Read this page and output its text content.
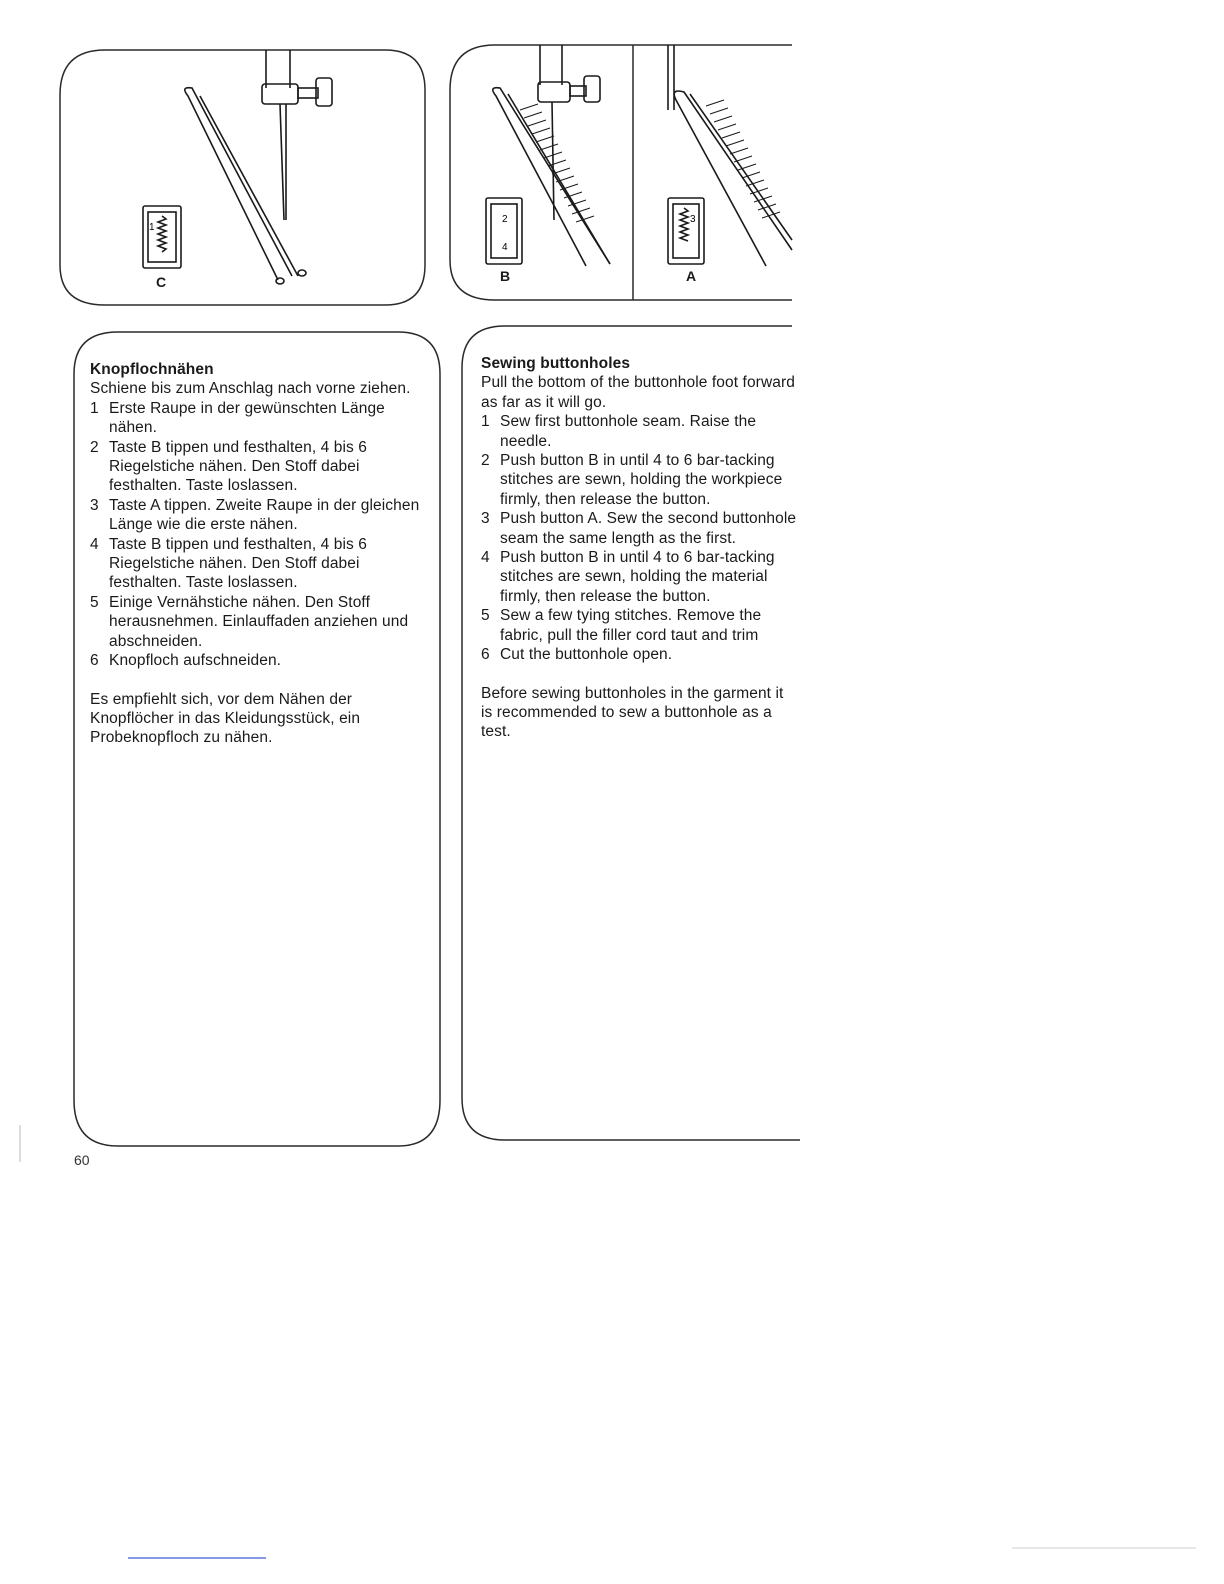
1
2
4
3
C	B	A
Knopflochnähen

Schiene bis zum Anschlag nach vorne ziehen.

1 Erste Raupe in der gewünschten Länge nähen.
2 Taste B tippen und festhalten, 4 bis 6 Riegelstiche nähen. Den Stoff dabei festhalten. Taste loslassen.
3 Taste A tippen. Zweite Raupe in der gleichen Länge wie die erste nähen.
4 Taste B tippen und festhalten, 4 bis 6 Riegelstiche nähen. Den Stoff dabei festhalten. Taste loslassen.
5 Einige Vernähstiche nähen. Den Stoff herausnehmen. Einlauffaden anziehen und abschneiden.
6 Knopfloch aufschneiden.

Es empfiehlt sich, vor dem Nähen der Knopflöcher in das Kleidungsstück, ein Probeknopfloch zu nähen.

Sewing buttonholes

Pull the bottom of the buttonhole foot forward as far as it will go.

1 Sew first buttonhole seam. Raise the needle.
2 Push button B in until 4 to 6 bar-tacking stitches are sewn, holding the workpiece firmly, then release the button.
3 Push button A. Sew the second buttonhole seam the same length as the first.
4 Push button B in until 4 to 6 bar-tacking stitches are sewn, holding the material firmly, then release the button.
5 Sew a few tying stitches. Remove the fabric, pull the filler cord taut and trim
6 Cut the buttonhole open.

Before sewing buttonholes in the garment it is recommended to sew a buttonhole as a test.

60
